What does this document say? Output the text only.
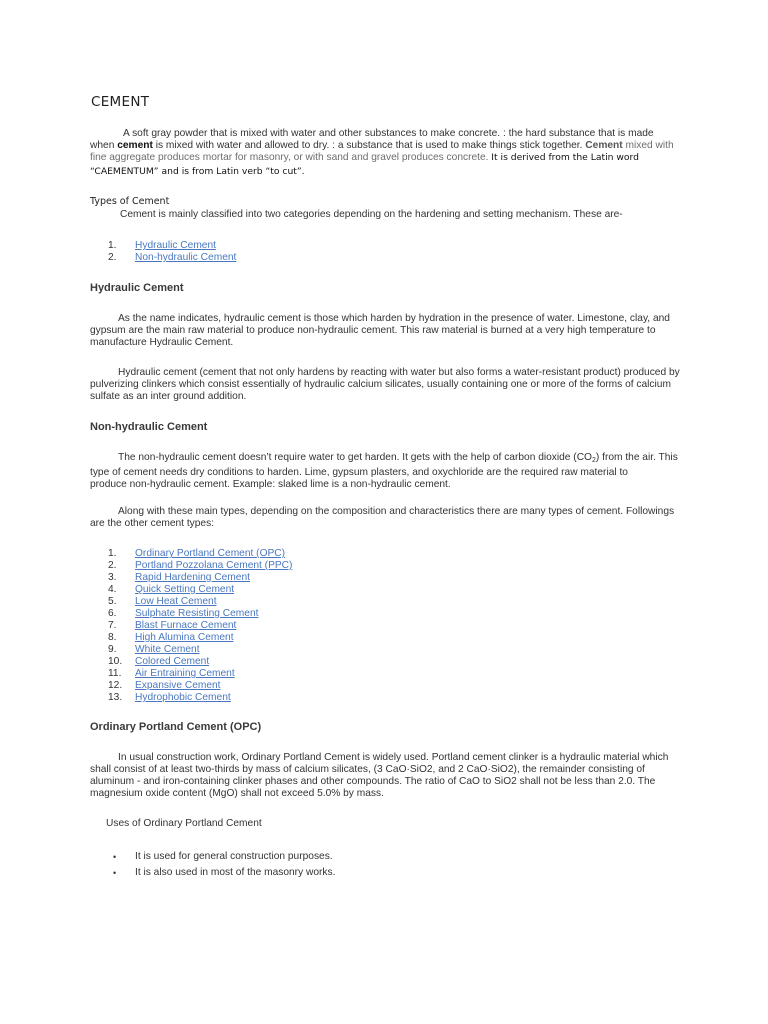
CEMENT
A soft gray powder that is mixed with water and other substances to make concrete. : the hard substance that is made
when cement is mixed with water and allowed to dry. : a substance that is used to make things stick together. Cement mixed with
fine aggregate produces mortar for masonry, or with sand and gravel produces concrete. It is derived from the Latin word
“CAEMENTUM” and is from Latin verb “to cut”.
Types of Cement
Cement is mainly classified into two categories depending on the hardening and setting mechanism. These are-
1.	Hydraulic Cement
2.	Non-hydraulic Cement
Hydraulic Cement
As the name indicates, hydraulic cement is those which harden by hydration in the presence of water. Limestone, clay, and
gypsum are the main raw material to produce non-hydraulic cement. This raw material is burned at a very high temperature to
manufacture Hydraulic Cement.
Hydraulic cement (cement that not only hardens by reacting with water but also forms a water-resistant product) produced by
pulverizing clinkers which consist essentially of hydraulic calcium silicates, usually containing one or more of the forms of calcium
sulfate as an inter ground addition.
Non-hydraulic Cement
The non-hydraulic cement doesn’t require water to get harden. It gets with the help of carbon dioxide $(CO_2)$ from the air. This
type of cement needs dry conditions to harden. Lime, gypsum plasters, and oxychloride are the required raw material to
produce non-hydraulic cement. Example: slaked lime is a non-hydraulic cement.
Along with these main types, depending on the composition and characteristics there are many types of cement. Followings
are the other cement types:
1.	Ordinary Portland Cement (OPC)
2.	Portland Pozzolana Cement (PPC)
3.	Rapid Hardening Cement
4.	Quick Setting Cement
5.	Low Heat Cement
6.	Sulphate Resisting Cement
7.	Blast Furnace Cement
8.	High Alumina Cement
9.	White Cement
10.	Colored Cement
11.	Air Entraining Cement
12.	Expansive Cement
13.	Hydrophobic Cement
Ordinary Portland Cement (OPC)
In usual construction work, Ordinary Portland Cement is widely used. Portland cement clinker is a hydraulic material which
shall consist of at least two-thirds by mass of calcium silicates, (3 CaO·SiO2, and 2 CaO·SiO2), the remainder consisting of
aluminum - and iron-containing clinker phases and other compounds. The ratio of CaO to SiO2 shall not be less than 2.0. The
magnesium oxide content (MgO) shall not exceed 5.0% by mass.
Uses of Ordinary Portland Cement
•	It is used for general construction purposes.
•	It is also used in most of the masonry works.
